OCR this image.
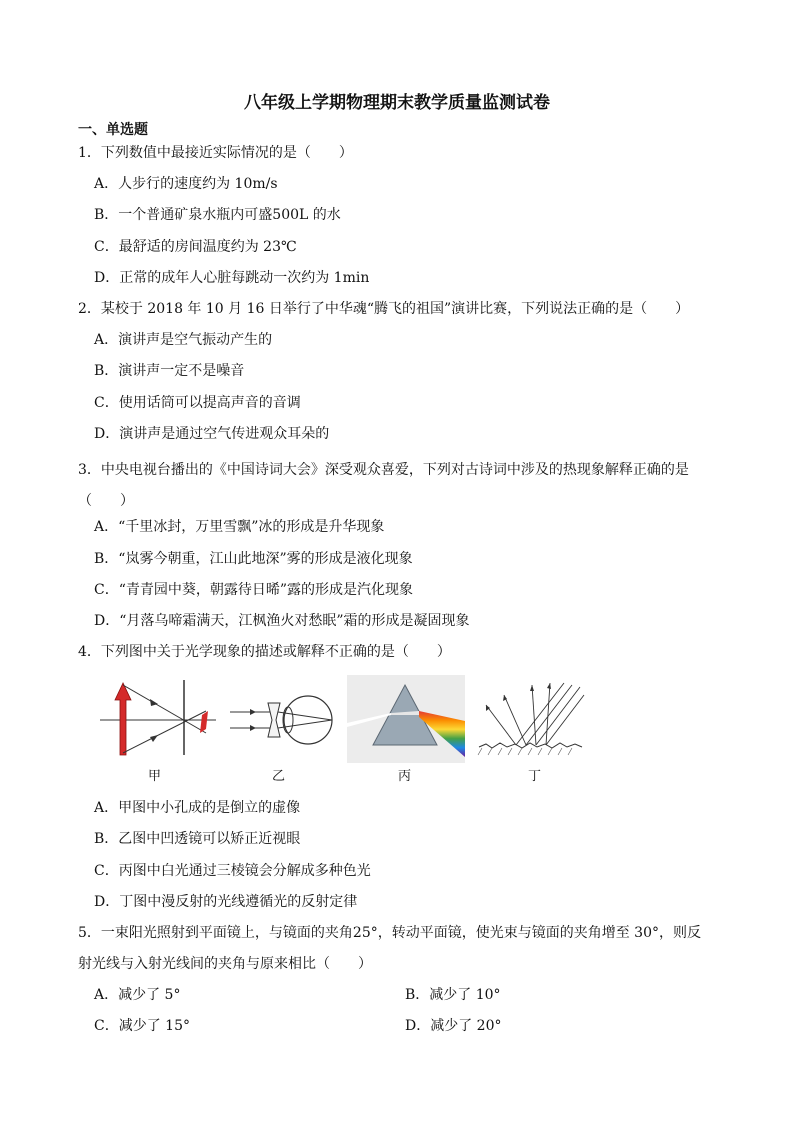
八年级上学期物理期末教学质量监测试卷
一、单选题
1．下列数值中最接近实际情况的是（　　）
A．人步行的速度约为 10m/s
B．一个普通矿泉水瓶内可盛500L 的水
C．最舒适的房间温度约为 23℃
D．正常的成年人心脏每跳动一次约为 1min
2．某校于 2018 年 10 月 16 日举行了中华魂“腾飞的祖国”演讲比赛，下列说法正确的是（　　）
A．演讲声是空气振动产生的
B．演讲声一定不是噪音
C．使用话筒可以提高声音的音调
D．演讲声是通过空气传进观众耳朵的
3．中央电视台播出的《中国诗词大会》深受观众喜爱，下列对古诗词中涉及的热现象解释正确的是（　　）
A．“千里冰封，万里雪飘”冰的形成是升华现象
B．“岚雾今朝重，江山此地深”雾的形成是液化现象
C．“青青园中葵，朝露待日晞”露的形成是汽化现象
D．“月落乌啼霜满天，江枫渔火对愁眠”霜的形成是凝固现象
4．下列图中关于光学现象的描述或解释不正确的是（　　）
甲	乙	丙	丁
A．甲图中小孔成的是倒立的虚像
B．乙图中凹透镜可以矫正近视眼
C．丙图中白光通过三棱镜会分解成多种色光
D．丁图中漫反射的光线遵循光的反射定律
5．一束阳光照射到平面镜上，与镜面的夹角25°，转动平面镜，使光束与镜面的夹角增至 30°，则反
射光线与入射光线间的夹角与原来相比（　　）
A．减少了 5°	B．减少了 10°
C．减少了 15°	D．减少了 20°
